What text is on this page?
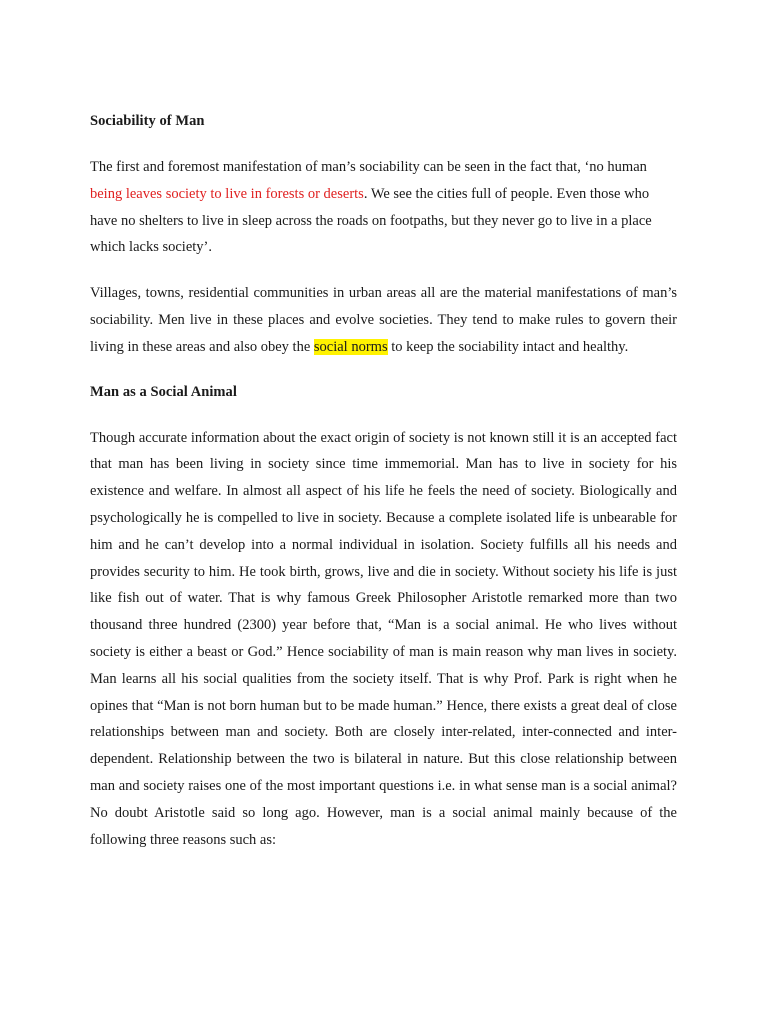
Sociability of Man

The first and foremost manifestation of man’s sociability can be seen in the fact that, ‘no human being leaves society to live in forests or deserts. We see the cities full of people. Even those who have no shelters to live in sleep across the roads on footpaths, but they never go to live in a place which lacks society’.

Villages, towns, residential communities in urban areas all are the material manifestations of man’s sociability. Men live in these places and evolve societies. They tend to make rules to govern their living in these areas and also obey the social norms to keep the sociability intact and healthy.

Man as a Social Animal

Though accurate information about the exact origin of society is not known still it is an accepted fact that man has been living in society since time immemorial. Man has to live in society for his existence and welfare. In almost all aspect of his life he feels the need of society. Biologically and psychologically he is compelled to live in society. Because a complete isolated life is unbearable for him and he can’t develop into a normal individual in isolation. Society fulfills all his needs and provides security to him. He took birth, grows, live and die in society. Without society his life is just like fish out of water. That is why famous Greek Philosopher Aristotle remarked more than two thousand three hundred (2300) year before that, “Man is a social animal. He who lives without society is either a beast or God.” Hence sociability of man is main reason why man lives in society. Man learns all his social qualities from the society itself. That is why Prof. Park is right when he opines that “Man is not born human but to be made human.” Hence, there exists a great deal of close relationships between man and society. Both are closely inter-related, inter-connected and inter-dependent. Relationship between the two is bilateral in nature. But this close relationship between man and society raises one of the most important questions i.e. in what sense man is a social animal? No doubt Aristotle said so long ago. However, man is a social animal mainly because of the following three reasons such as:
